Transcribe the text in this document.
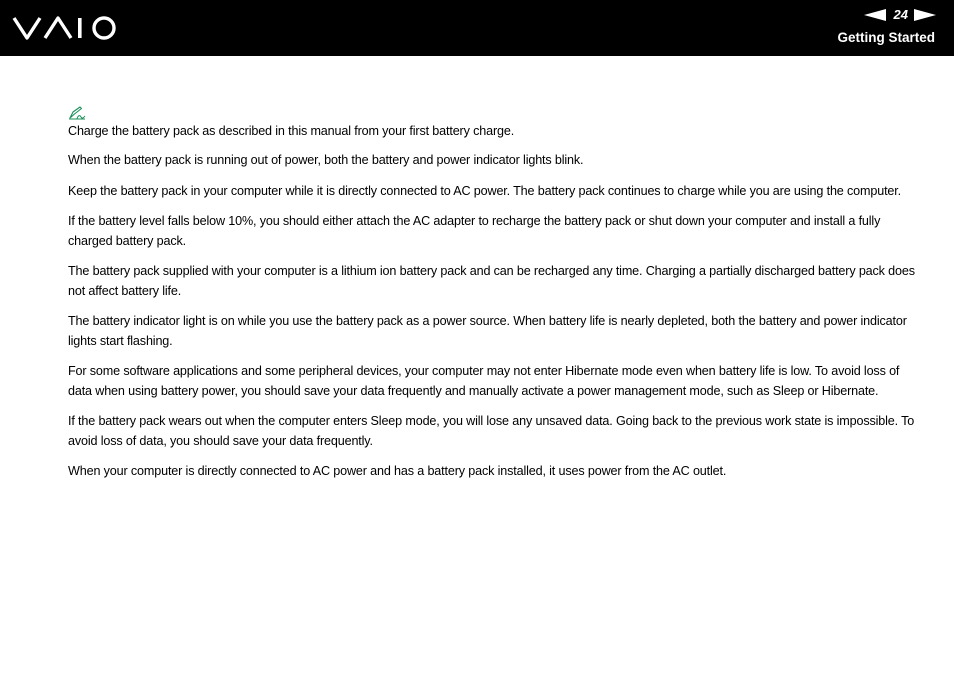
24
Getting Started

Charge the battery pack as described in this manual from your first battery charge.

When the battery pack is running out of power, both the battery and power indicator lights blink.

Keep the battery pack in your computer while it is directly connected to AC power. The battery pack continues to charge while you are using the computer.

If the battery level falls below 10%, you should either attach the AC adapter to recharge the battery pack or shut down your computer and install a fully charged battery pack.

The battery pack supplied with your computer is a lithium ion battery pack and can be recharged any time. Charging a partially discharged battery pack does not affect battery life.

The battery indicator light is on while you use the battery pack as a power source. When battery life is nearly depleted, both the battery and power indicator lights start flashing.

For some software applications and some peripheral devices, your computer may not enter Hibernate mode even when battery life is low. To avoid loss of data when using battery power, you should save your data frequently and manually activate a power management mode, such as Sleep or Hibernate.

If the battery pack wears out when the computer enters Sleep mode, you will lose any unsaved data. Going back to the previous work state is impossible. To avoid loss of data, you should save your data frequently.

When your computer is directly connected to AC power and has a battery pack installed, it uses power from the AC outlet.
